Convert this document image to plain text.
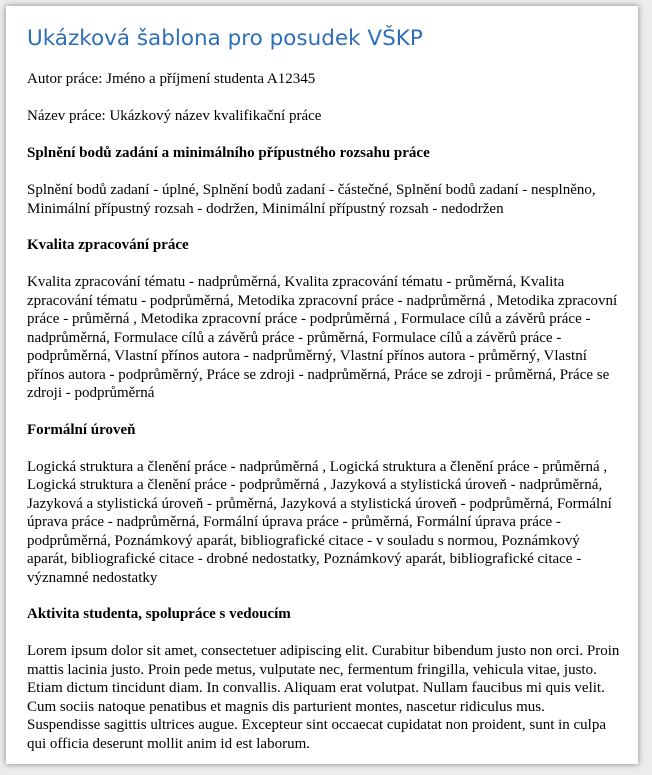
Ukázková šablona pro posudek VŠKP

Autor práce: Jméno a příjmení studenta A12345

Název práce: Ukázkový název kvalifikační práce

Splnění bodů zadání a minimálního přípustného rozsahu práce

Splnění bodů zadaní - úplné, Splnění bodů zadaní - částečné, Splnění bodů zadaní - nesplněno, Minimální přípustný rozsah - dodržen, Minimální přípustný rozsah - nedodržen

Kvalita zpracování práce

Kvalita zpracování tématu - nadprůměrná, Kvalita zpracování tématu - průměrná, Kvalita zpracování tématu - podprůměrná, Metodika zpracovní práce - nadprůměrná , Metodika zpracovní práce - průměrná , Metodika zpracovní práce - podprůměrná , Formulace cílů a závěrů práce - nadprůměrná, Formulace cílů a závěrů práce - průměrná, Formulace cílů a závěrů práce - podprůměrná, Vlastní přínos autora - nadprůměrný, Vlastní přínos autora - průměrný, Vlastní přínos autora - podprůměrný, Práce se zdroji - nadprůměrná, Práce se zdroji - průměrná, Práce se zdroji - podprůměrná

Formální úroveň

Logická struktura a členění práce - nadprůměrná , Logická struktura a členění práce - průměrná , Logická struktura a členění práce - podprůměrná , Jazyková a stylistická úroveň - nadprůměrná, Jazyková a stylistická úroveň - průměrná, Jazyková a stylistická úroveň - podprůměrná, Formální úprava práce - nadprůměrná, Formální úprava práce - průměrná, Formální úprava práce - podprůměrná, Poznámkový aparát, bibliografické citace - v souladu s normou, Poznámkový aparát, bibliografické citace - drobné nedostatky, Poznámkový aparát, bibliografické citace - významné nedostatky

Aktivita studenta, spolupráce s vedoucím

Lorem ipsum dolor sit amet, consectetuer adipiscing elit. Curabitur bibendum justo non orci. Proin mattis lacinia justo. Proin pede metus, vulputate nec, fermentum fringilla, vehicula vitae, justo. Etiam dictum tincidunt diam. In convallis. Aliquam erat volutpat. Nullam faucibus mi quis velit. Cum sociis natoque penatibus et magnis dis parturient montes, nascetur ridiculus mus. Suspendisse sagittis ultrices augue. Excepteur sint occaecat cupidatat non proident, sunt in culpa qui officia deserunt mollit anim id est laborum.
